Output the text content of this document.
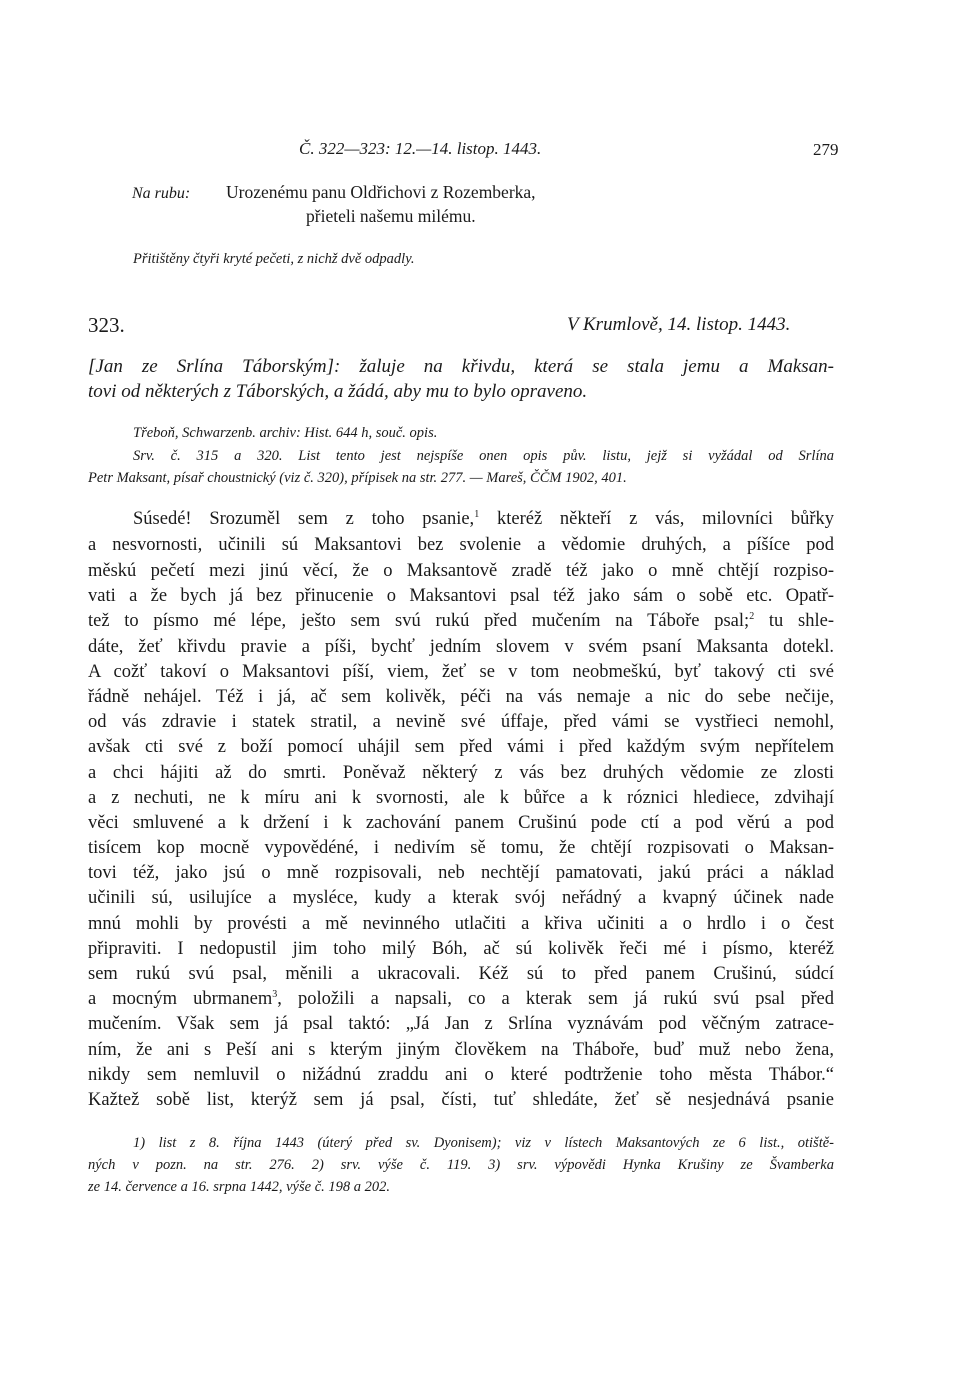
Č. 322—323: 12.—14. listop. 1443.	279
Na rubu: Urozenému panu Oldřichovi z Rozemberka,
přieteli našemu milému.
Přitištěny čtyři kryté pečeti, z nichž dvě odpadly.
323.	V Krumlově, 14. listop. 1443.
[Jan ze Srlína Táborským]: žaluje na křivdu, která se stala jemu a Maksan-
tovi od některých z Táborských, a žádá, aby mu to bylo opraveno.
Třeboň, Schwarzenb. archiv: Hist. 644 h, souč. opis.
Srv. č. 315 a 320. List tento jest nejspíše onen opis pův. listu, jejž si vyžádal od Srlína
Petr Maksant, písař choustnický (viz č. 320), přípisek na str. 277. — Mareš, ČČM 1902, 401.
Súsedé! Srozuměl sem z toho psanie,$^1$ kteréž někteří z vás, milovníci bůřky
a nesvornosti, učinili sú Maksantovi bez svolenie a vědomie druhých, a píšíce pod
měskú pečetí mezi jinú věcí, že o Maksantově zradě též jako o mně chtějí rozpiso-
vati a že bych já bez přinucenie o Maksantovi psal též jako sám o sobě etc. Opatř-
tež to písmo mé lépe, ješto sem svú rukú před mučením na Táboře psal;$^2$ tu shle-
dáte, žeť křivdu pravie a píši, bychť jedním slovem v svém psaní Maksanta dotekl.
A cožť takoví o Maksantovi píší, viem, žeť se v tom neobmeškú, byť takový cti své
řádně nehájel. Též i já, ač sem kolivěk, péči na vás nemaje a nic do sebe nečije,
od vás zdravie i statek stratil, a nevině své úffaje, před vámi se vystřieci nemohl,
avšak cti své z boží pomocí uhájil sem před vámi i před každým svým nepřítelem
a chci hájiti až do smrti. Poněvaž některý z vás bez druhých vědomie ze zlosti
a z nechuti, ne k míru ani k svornosti, ale k bůřce a k róznici hlediece, zdvihají
věci smluvené a k držení i k zachování panem Crušinú pode ctí a pod věrú a pod
tisícem kop mocně vypovědéné, i nedivím sě tomu, že chtějí rozpisovati o Maksan-
tovi též, jako jsú o mně rozpisovali, neb nechtějí pamatovati, jakú práci a náklad
učinili sú, usilujíce a mysléce, kudy a kterak svój neřádný a kvapný účinek nade
mnú mohli by provésti a mě nevinného utlačiti a křiva učiniti a o hrdlo i o čest
připraviti. I nedopustil jim toho milý Bóh, ač sú kolivěk řeči mé i písmo, kteréž
sem rukú svú psal, měnili a ukracovali. Kéž sú to před panem Crušinú, súdcí
a mocným ubrmanem$^3$, položili a napsali, co a kterak sem já rukú svú psal před
mučením. Však sem já psal taktó: „Já Jan z Srlína vyznávám pod věčným zatrace-
ním, že ani s Peší ani s kterým jiným člověkem na Tháboře, buď muž nebo žena,
nikdy sem nemluvil o nižádnú zraddu ani o které podtrženie toho města Thábor.“
Kažtež sobě list, kterýž sem já psal, čísti, tuť shledáte, žeť sě nesjednává psanie
1) list z 8. října 1443 (úterý před sv. Dyonisem); viz v lístech Maksantových ze 6 list., otiště-
ných v pozn. na str. 276. 2) srv. výše č. 119. 3) srv. výpovědi Hynka Krušiny ze Švamberka
ze 14. července a 16. srpna 1442, výše č. 198 a 202.
